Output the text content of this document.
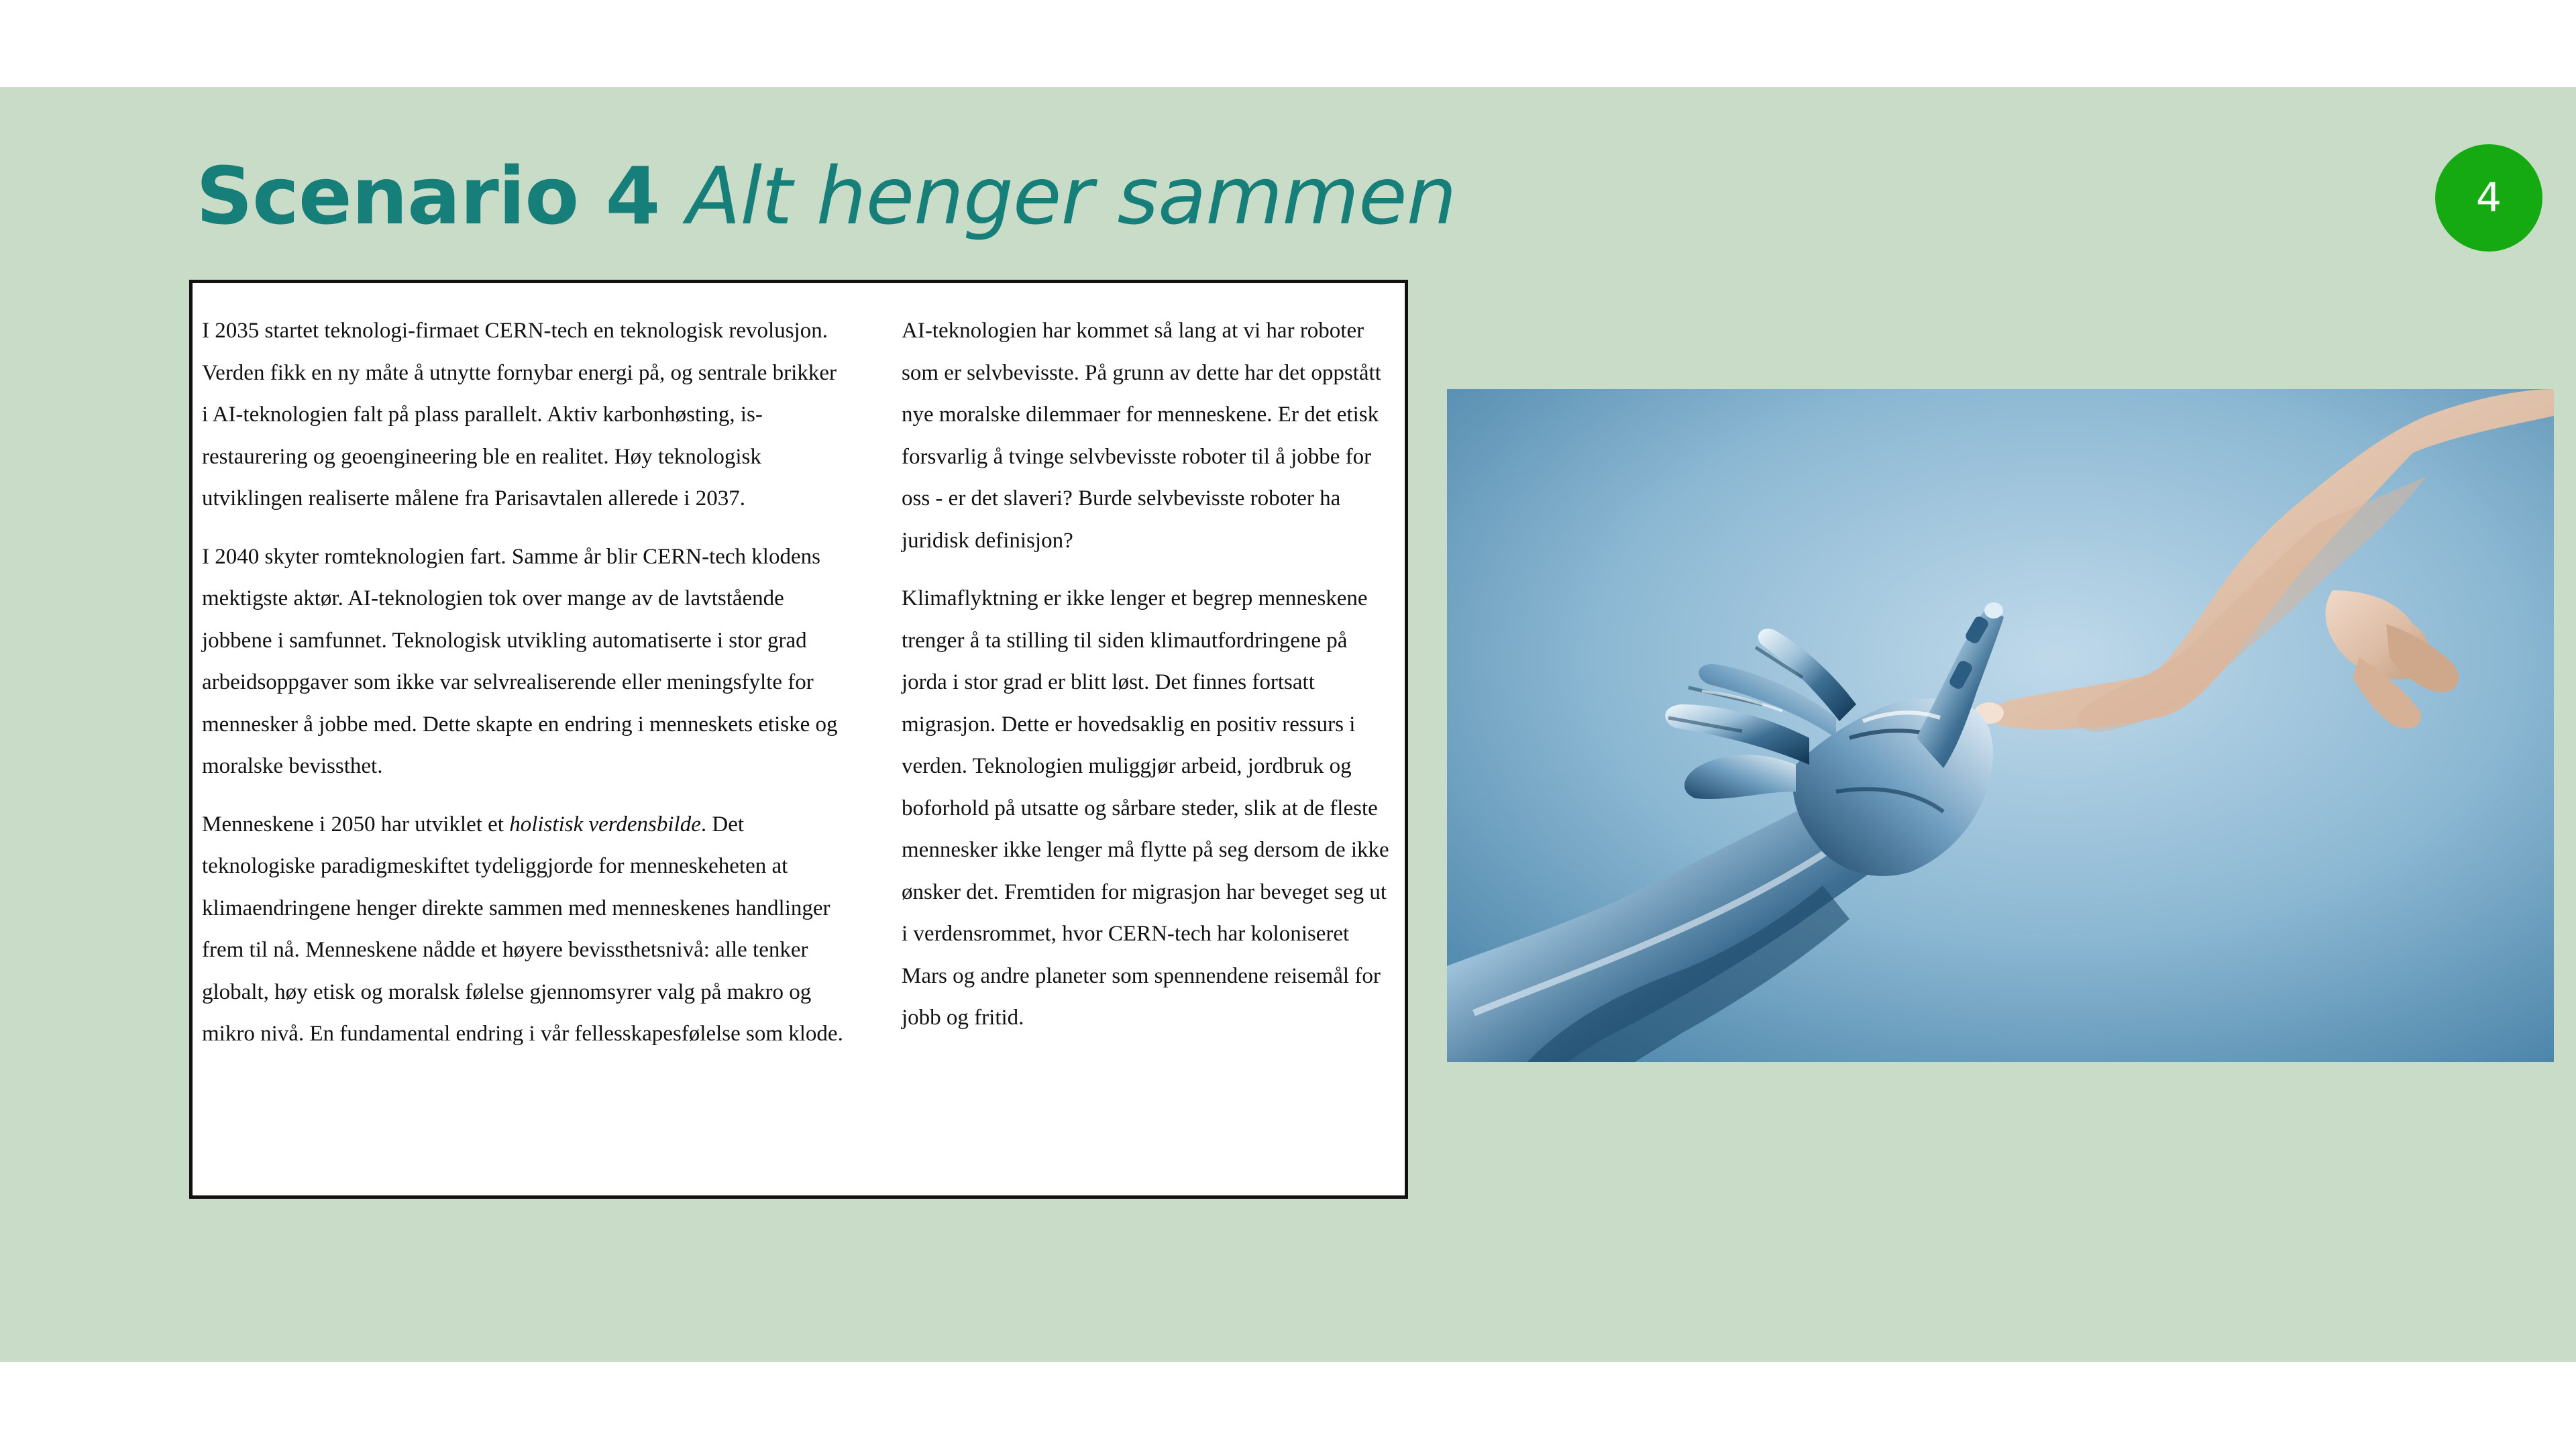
Scenario 4 Alt henger sammen	4

I 2035 startet teknologi-firmaet CERN-tech en teknologisk revolusjon. Verden fikk en ny måte å utnytte fornybar energi på, og sentrale brikker i AI-teknologien falt på plass parallelt. Aktiv karbonhøsting, is-restaurering og geoengineering ble en realitet. Høy teknologisk utviklingen realiserte målene fra Parisavtalen allerede i 2037.

I 2040 skyter romteknologien fart. Samme år blir CERN-tech klodens mektigste aktør. AI-teknologien tok over mange av de lavtstående jobbene i samfunnet. Teknologisk utvikling automatiserte i stor grad arbeidsoppgaver som ikke var selvrealiserende eller meningsfylte for mennesker å jobbe med. Dette skapte en endring i menneskets etiske og moralske bevissthet.

Menneskene i 2050 har utviklet et holistisk verdensbilde. Det teknologiske paradigmeskiftet tydeliggjorde for menneskeheten at klimaendringene henger direkte sammen med menneskenes handlinger frem til nå. Menneskene nådde et høyere bevissthetsnivå: alle tenker globalt, høy etisk og moralsk følelse gjennomsyrer valg på makro og mikro nivå. En fundamental endring i vår fellesskapesfølelse som klode.

AI-teknologien har kommet så lang at vi har roboter som er selvbevisste. På grunn av dette har det oppstått nye moralske dilemmaer for menneskene. Er det etisk forsvarlig å tvinge selvbevisste roboter til å jobbe for oss - er det slaveri? Burde selvbevisste roboter ha juridisk definisjon?

Klimaflyktning er ikke lenger et begrep menneskene trenger å ta stilling til siden klimautfordringene på jorda i stor grad er blitt løst. Det finnes fortsatt migrasjon. Dette er hovedsaklig en positiv ressurs i verden. Teknologien muliggjør arbeid, jordbruk og boforhold på utsatte og sårbare steder, slik at de fleste mennesker ikke lenger må flytte på seg dersom de ikke ønsker det. Fremtiden for migrasjon har beveget seg ut i verdensrommet, hvor CERN-tech har koloniseret Mars og andre planeter som spennendene reisemål for jobb og fritid.
